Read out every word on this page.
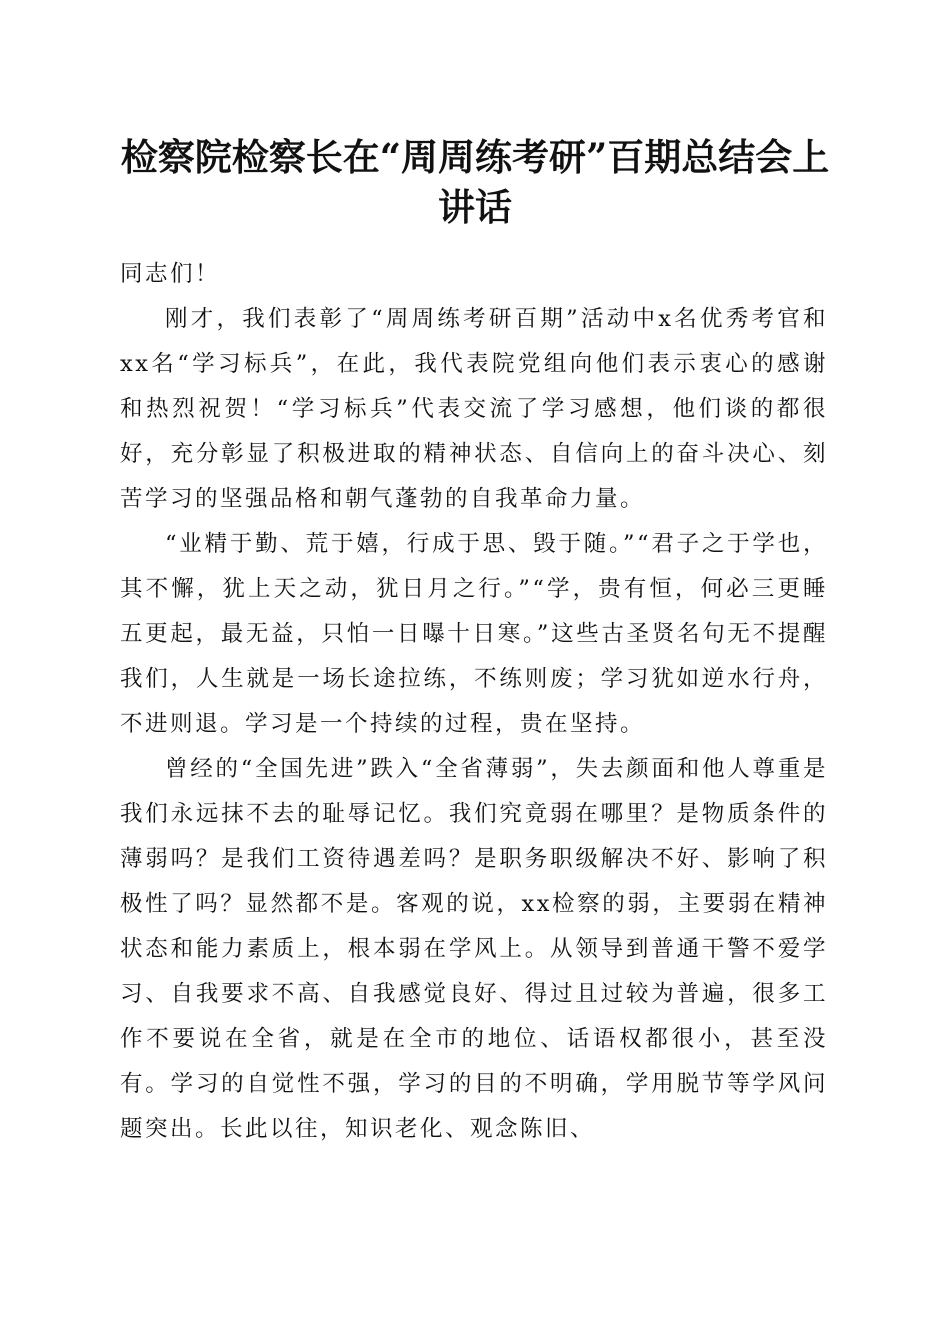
检察院检察长在“周周练考研”百期总结会上
讲话

同志们！

刚才，我们表彰了“周周练考研百期”活动中x名优秀考官和xx名“学习标兵”，在此，我代表院党组向他们表示衷心的感谢和热烈祝贺！“学习标兵”代表交流了学习感想，他们谈的都很好，充分彰显了积极进取的精神状态、自信向上的奋斗决心、刻苦学习的坚强品格和朝气蓬勃的自我革命力量。

“业精于勤、荒于嬉，行成于思、毁于随。”“君子之于学也，其不懈，犹上天之动，犹日月之行。”“学，贵有恒，何必三更睡五更起，最无益，只怕一日曝十日寒。”这些古圣贤名句无不提醒我们，人生就是一场长途拉练，不练则废；学习犹如逆水行舟，不进则退。学习是一个持续的过程，贵在坚持。

曾经的“全国先进”跌入“全省薄弱”，失去颜面和他人尊重是我们永远抹不去的耻辱记忆。我们究竟弱在哪里？是物质条件的薄弱吗？是我们工资待遇差吗？是职务职级解决不好、影响了积极性了吗？显然都不是。客观的说，xx检察的弱，主要弱在精神状态和能力素质上，根本弱在学风上。从领导到普通干警不爱学习、自我要求不高、自我感觉良好、得过且过较为普遍，很多工作不要说在全省，就是在全市的地位、话语权都很小，甚至没有。学习的自觉性不强，学习的目的不明确，学用脱节等学风问题突出。长此以往，知识老化、观念陈旧、
